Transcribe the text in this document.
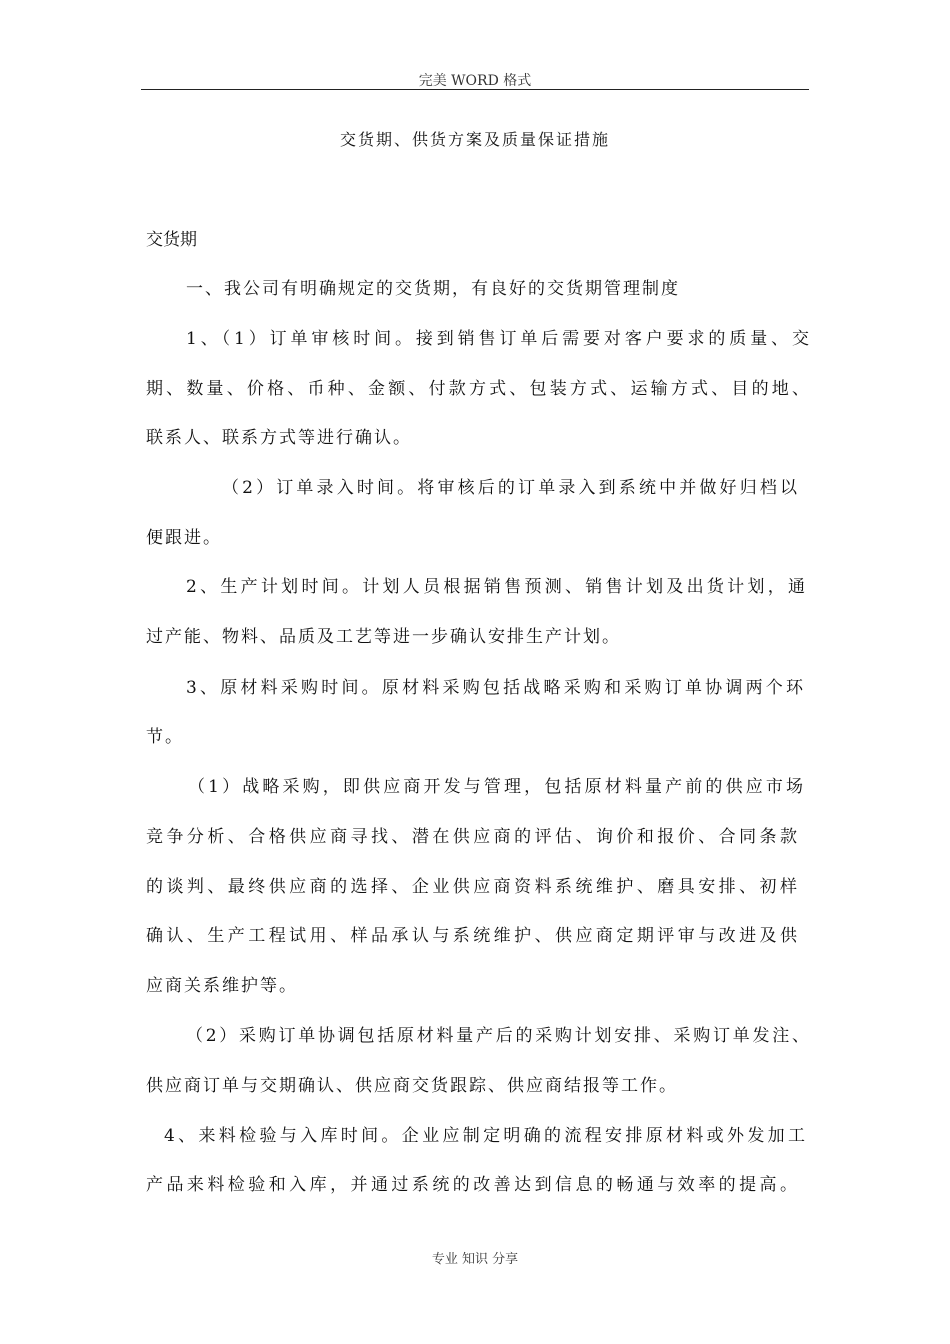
完美 WORD 格式
交货期、供货方案及质量保证措施
交货期
一、我公司有明确规定的交货期，有良好的交货期管理制度
1、（1）订单审核时间。接到销售订单后需要对客户要求的质量、交
期、数量、价格、币种、金额、付款方式、包装方式、运输方式、目的地、
联系人、联系方式等进行确认。
（2）订单录入时间。将审核后的订单录入到系统中并做好归档以
便跟进。
2、生产计划时间。计划人员根据销售预测、销售计划及出货计划，通
过产能、物料、品质及工艺等进一步确认安排生产计划。
3、原材料采购时间。原材料采购包括战略采购和采购订单协调两个环
节。
（1）战略采购，即供应商开发与管理，包括原材料量产前的供应市场
竞争分析、合格供应商寻找、潜在供应商的评估、询价和报价、合同条款
的谈判、最终供应商的选择、企业供应商资料系统维护、磨具安排、初样
确认、生产工程试用、样品承认与系统维护、供应商定期评审与改进及供
应商关系维护等。
（2）采购订单协调包括原材料量产后的采购计划安排、采购订单发注、
供应商订单与交期确认、供应商交货跟踪、供应商结报等工作。
4、来料检验与入库时间。企业应制定明确的流程安排原材料或外发加工
产品来料检验和入库，并通过系统的改善达到信息的畅通与效率的提高。
专业 知识 分享
